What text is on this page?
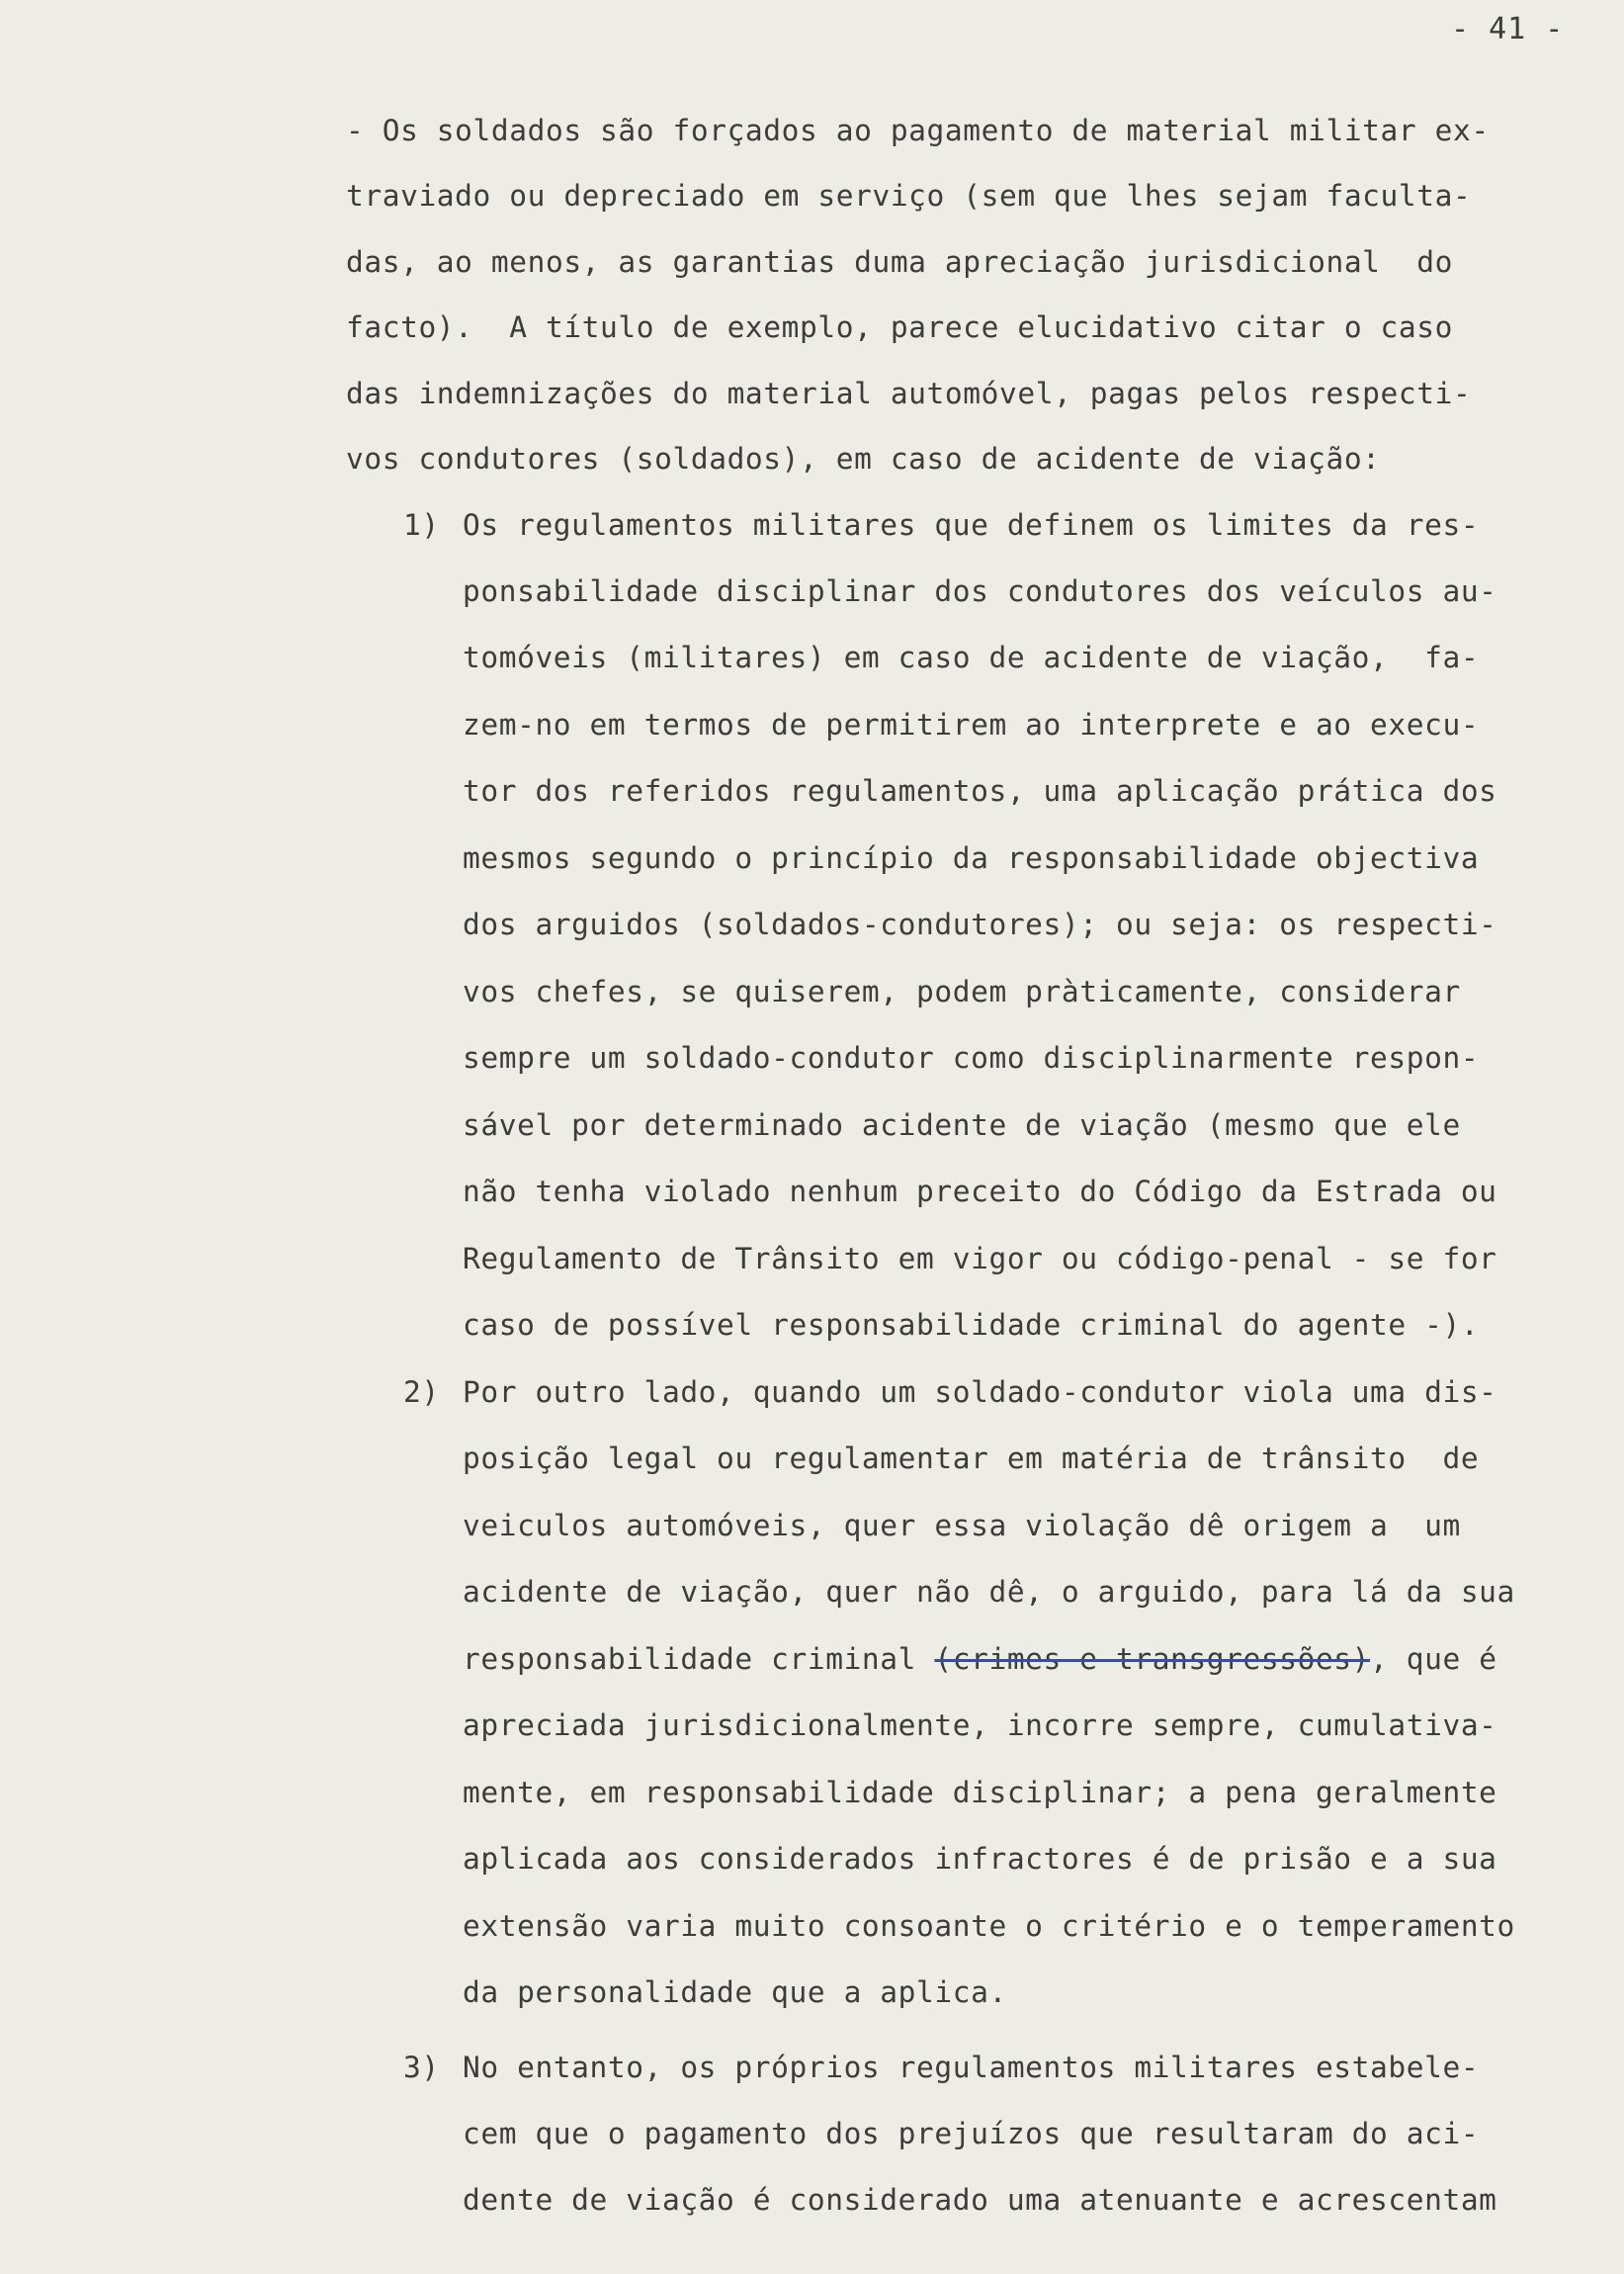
- 41 -
- Os soldados são forçados ao pagamento de material militar ex-
traviado ou depreciado em serviço (sem que lhes sejam faculta-
das, ao menos, as garantias duma apreciação jurisdicional  do
facto).  A título de exemplo, parece elucidativo citar o caso
das indemnizações do material automóvel, pagas pelos respecti-
vos condutores (soldados), em caso de acidente de viação:
1) Os regulamentos militares que definem os limites da res-
ponsabilidade disciplinar dos condutores dos veículos au-
tomóveis (militares) em caso de acidente de viação,  fa-
zem-no em termos de permitirem ao interprete e ao execu-
tor dos referidos regulamentos, uma aplicação prática dos
mesmos segundo o princípio da responsabilidade objectiva
dos arguidos (soldados-condutores); ou seja: os respecti-
vos chefes, se quiserem, podem pràticamente, considerar
sempre um soldado-condutor como disciplinarmente respon-
sável por determinado acidente de viação (mesmo que ele
não tenha violado nenhum preceito do Código da Estrada ou
Regulamento de Trânsito em vigor ou código-penal - se for
caso de possível responsabilidade criminal do agente -).
2) Por outro lado, quando um soldado-condutor viola uma dis-
posição legal ou regulamentar em matéria de trânsito  de
veiculos automóveis, quer essa violação dê origem a  um
acidente de viação, quer não dê, o arguido, para lá da sua
responsabilidade criminal (crimes e transgressões), que é
apreciada jurisdicionalmente, incorre sempre, cumulativa-
mente, em responsabilidade disciplinar; a pena geralmente
aplicada aos considerados infractores é de prisão e a sua
extensão varia muito consoante o critério e o temperamento
da personalidade que a aplica.
3) No entanto, os próprios regulamentos militares estabele-
cem que o pagamento dos prejuízos que resultaram do aci-
dente de viação é considerado uma atenuante e acrescentam
